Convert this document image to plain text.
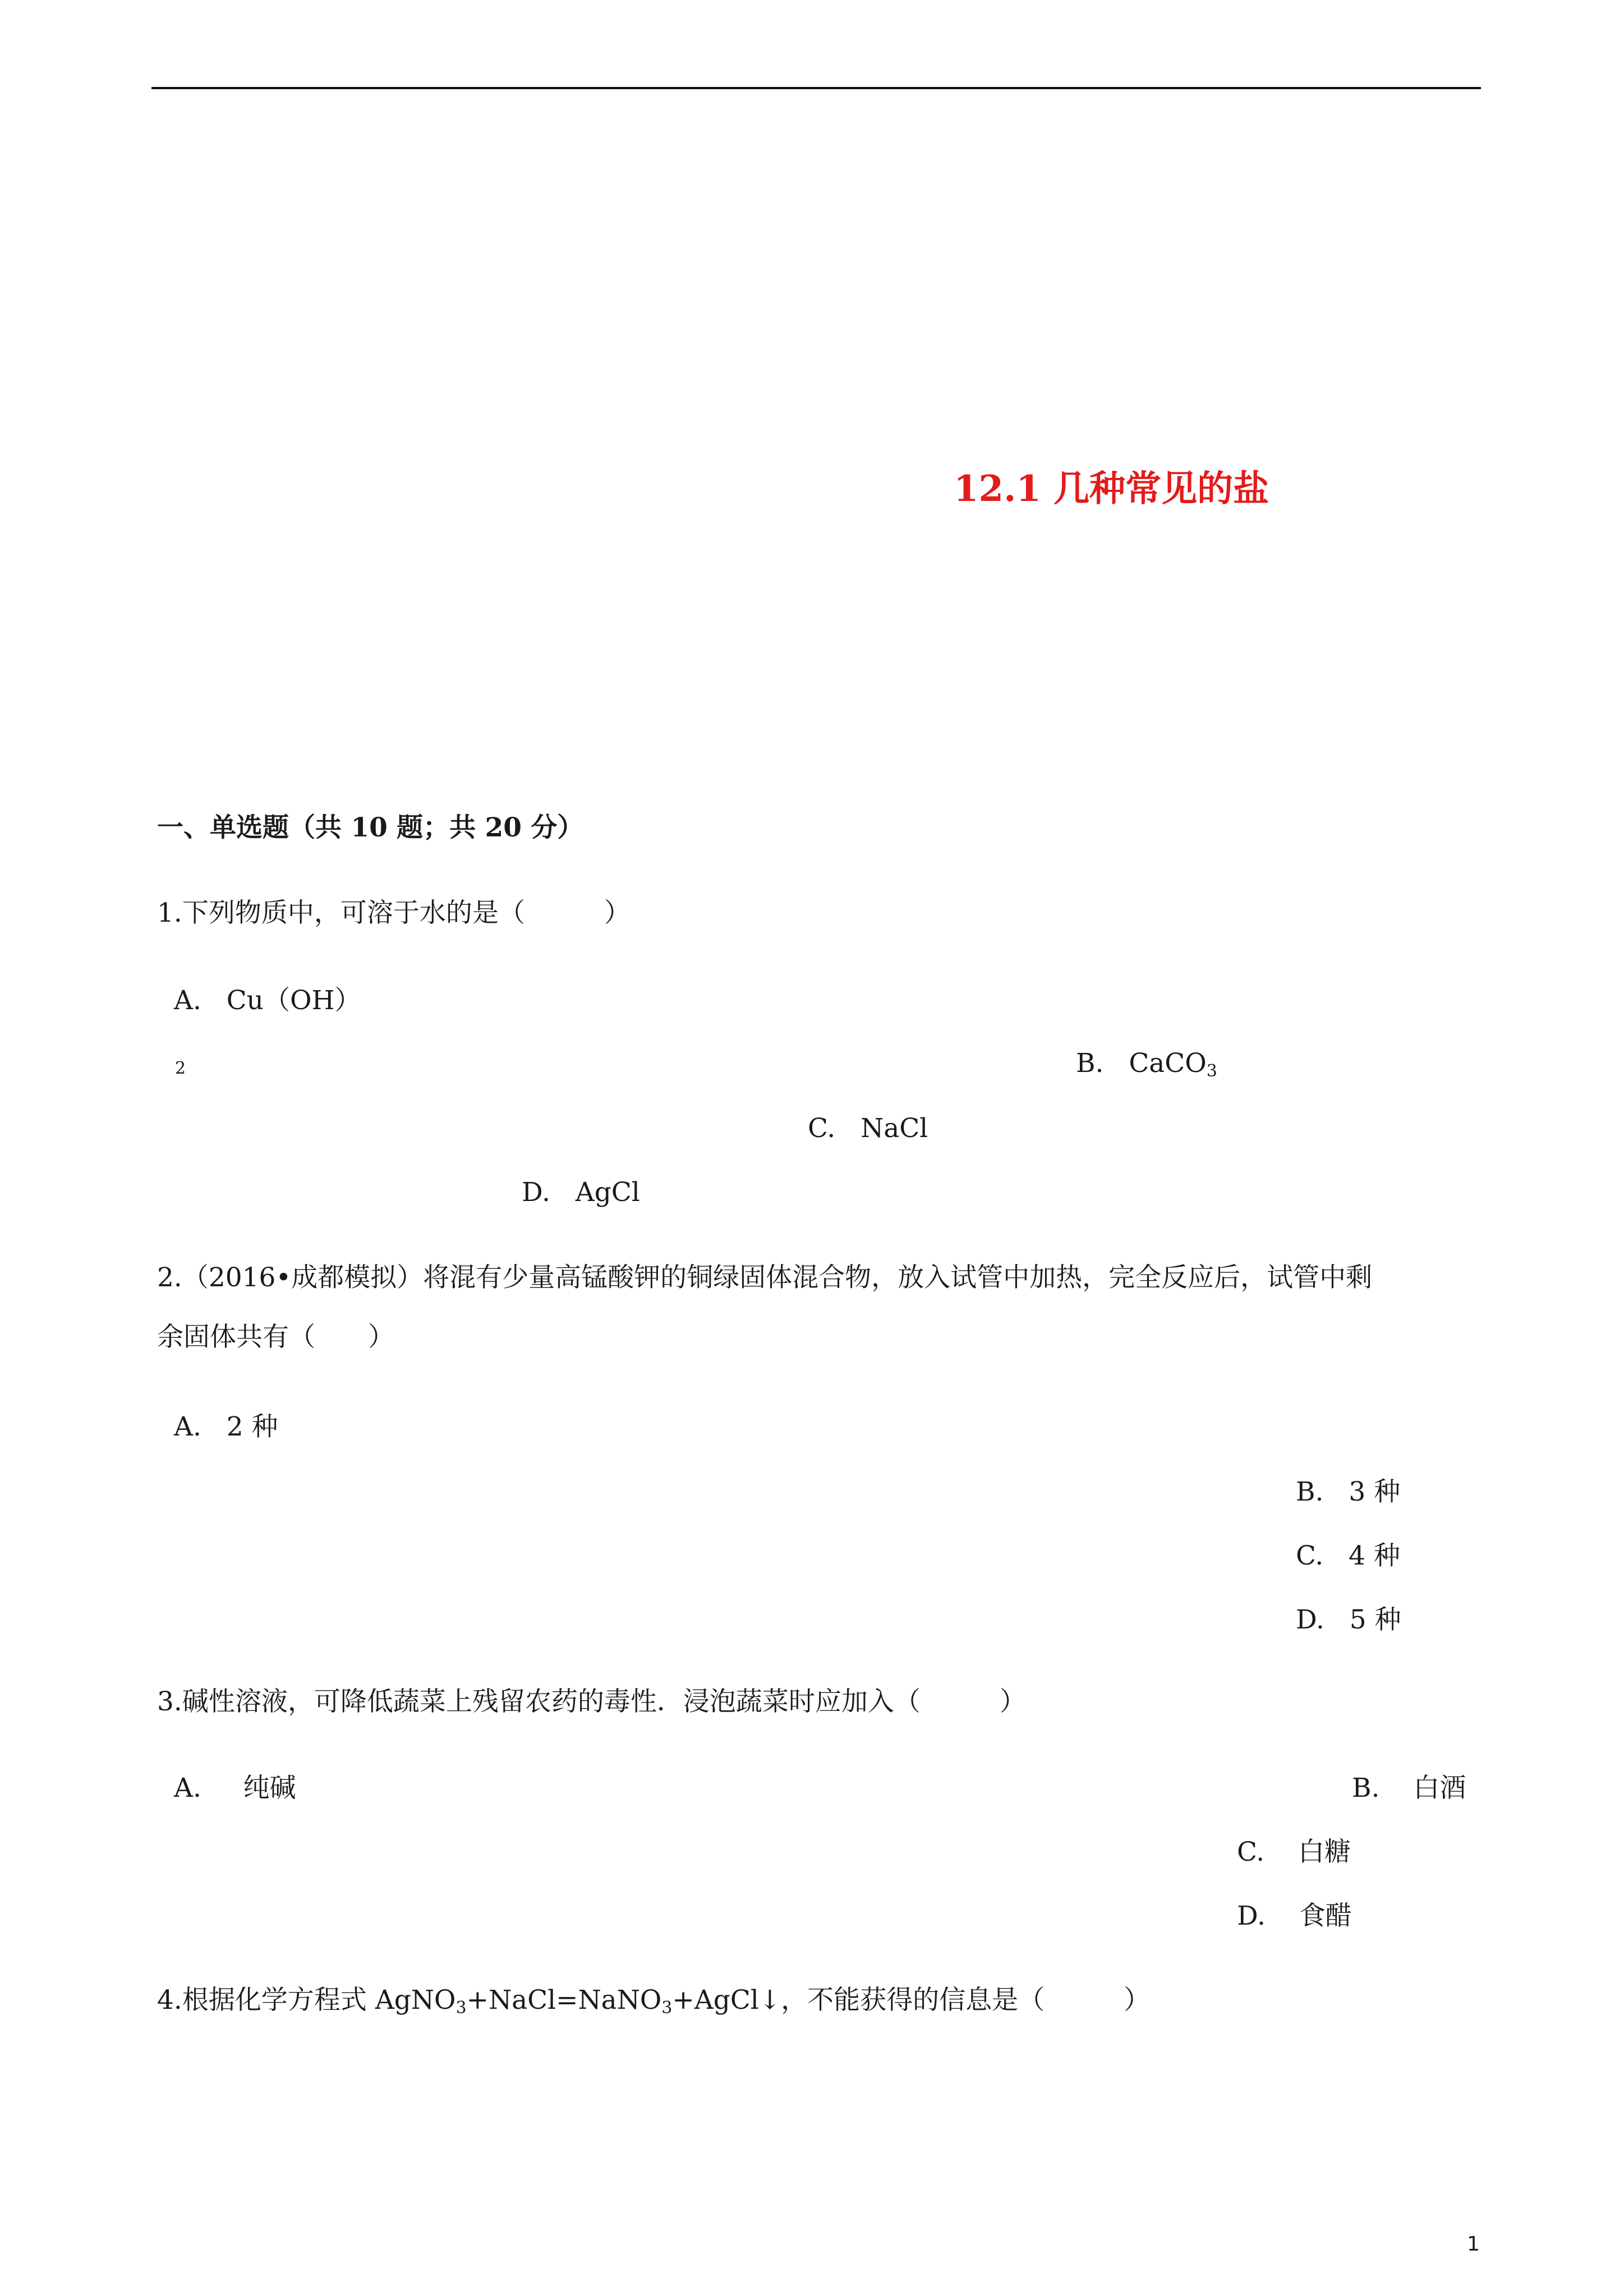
12.1 几种常见的盐
一、单选题（共 10 题；共 20 分）
1.下列物质中，可溶于水的是（　　　）
A. Cu（OH）
2	B. CaCO$_3$
C. NaCl
D. AgCl
2.（2016•成都模拟）将混有少量高锰酸钾的铜绿固体混合物，放入试管中加热，完全反应后，试管中剩
余固体共有（　　）
A. 2 种
B. 3 种
C. 4 种
D. 5 种
3.碱性溶液，可降低蔬菜上残留农药的毒性．浸泡蔬菜时应加入（　　　）
A. 纯碱	B. 白酒
C. 白糖
D. 食醋
4.根据化学方程式 AgNO$_3$+NaCl=NaNO$_3$+AgCl↓，不能获得的信息是（　　　）
1
